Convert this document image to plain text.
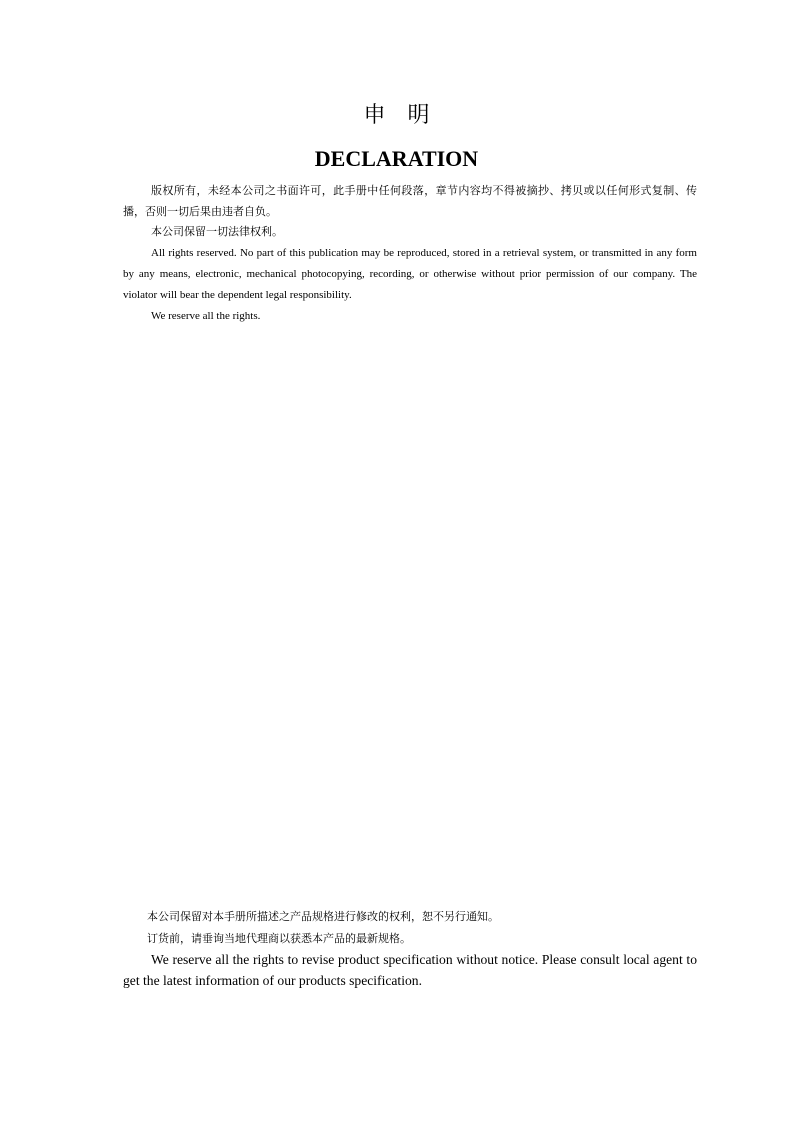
申明
DECLARATION

版权所有，未经本公司之书面许可，此手册中任何段落，章节内容均不得被摘抄、拷贝或以任何形式复制、传播，否则一切后果由违者自负。

本公司保留一切法律权利。

All rights reserved. No part of this publication may be reproduced, stored in a retrieval system, or transmitted in any form by any means, electronic, mechanical photocopying, recording, or otherwise without prior permission of our company. The violator will bear the dependent legal responsibility.

We reserve all the rights.

本公司保留对本手册所描述之产品规格进行修改的权利，恕不另行通知。

订货前，请垂询当地代理商以获悉本产品的最新规格。

We reserve all the rights to revise product specification without notice. Please consult local agent to get the latest information of our products specification.
